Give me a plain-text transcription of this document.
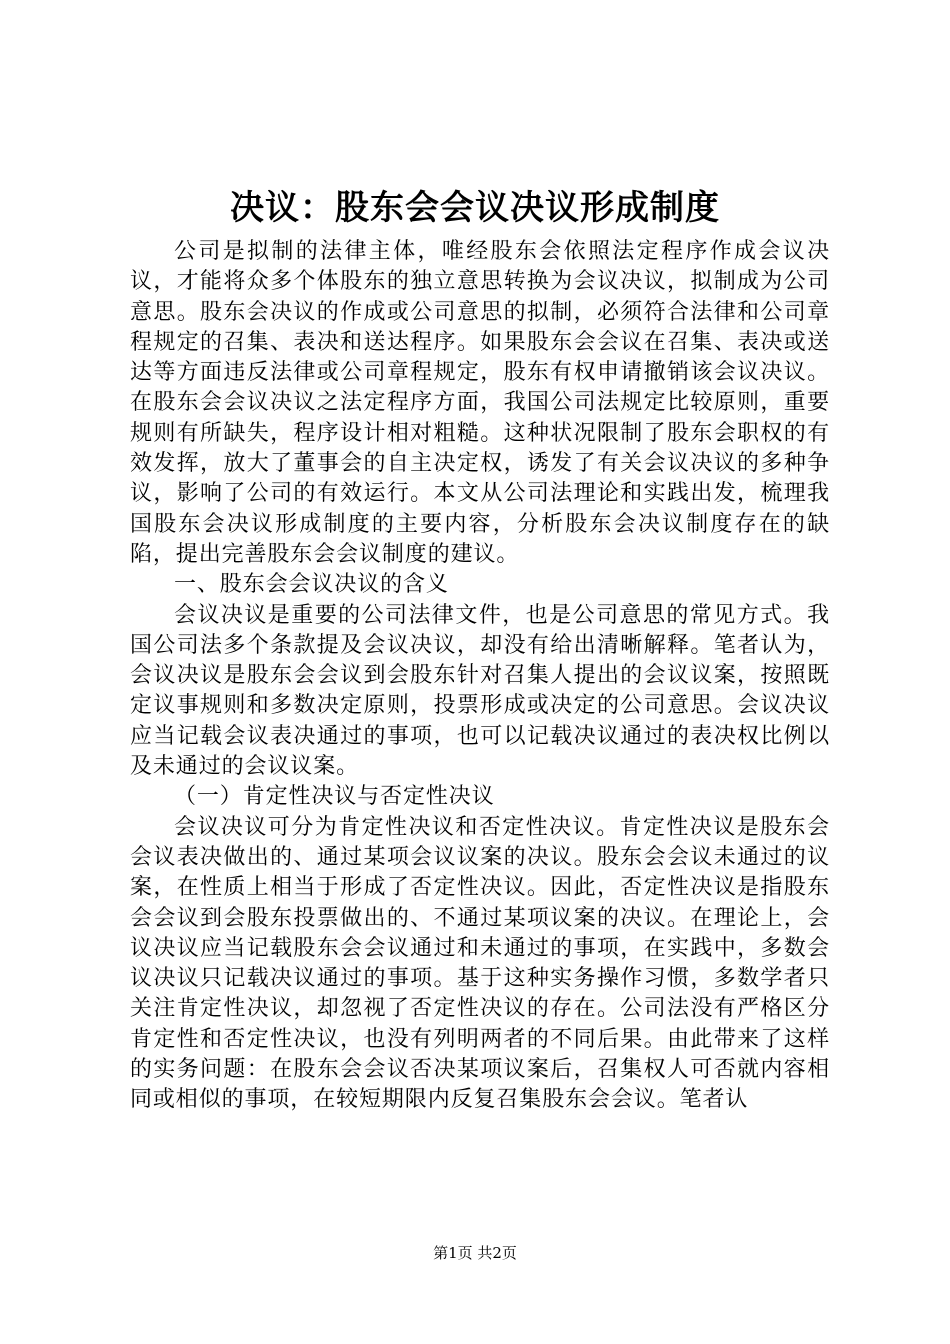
决议：股东会会议决议形成制度

公司是拟制的法律主体，唯经股东会依照法定程序作成会议决议，才能将众多个体股东的独立意思转换为会议决议，拟制成为公司意思。股东会决议的作成或公司意思的拟制，必须符合法律和公司章程规定的召集、表决和送达程序。如果股东会会议在召集、表决或送达等方面违反法律或公司章程规定，股东有权申请撤销该会议决议。在股东会会议决议之法定程序方面，我国公司法规定比较原则，重要规则有所缺失，程序设计相对粗糙。这种状况限制了股东会职权的有效发挥，放大了董事会的自主决定权，诱发了有关会议决议的多种争议，影响了公司的有效运行。本文从公司法理论和实践出发，梳理我国股东会决议形成制度的主要内容，分析股东会决议制度存在的缺陷，提出完善股东会会议制度的建议。

一、股东会会议决议的含义

会议决议是重要的公司法律文件，也是公司意思的常见方式。我国公司法多个条款提及会议决议，却没有给出清晰解释。笔者认为，会议决议是股东会会议到会股东针对召集人提出的会议议案，按照既定议事规则和多数决定原则，投票形成或决定的公司意思。会议决议应当记载会议表决通过的事项，也可以记载决议通过的表决权比例以及未通过的会议议案。

（一）肯定性决议与否定性决议

会议决议可分为肯定性决议和否定性决议。肯定性决议是股东会会议表决做出的、通过某项会议议案的决议。股东会会议未通过的议案，在性质上相当于形成了否定性决议。因此，否定性决议是指股东会会议到会股东投票做出的、不通过某项议案的决议。在理论上，会议决议应当记载股东会会议通过和未通过的事项，在实践中，多数会议决议只记载决议通过的事项。基于这种实务操作习惯，多数学者只关注肯定性决议，却忽视了否定性决议的存在。公司法没有严格区分肯定性和否定性决议，也没有列明两者的不同后果。由此带来了这样的实务问题：在股东会会议否决某项议案后，召集权人可否就内容相同或相似的事项，在较短期限内反复召集股东会会议。笔者认

第1页 共2页
